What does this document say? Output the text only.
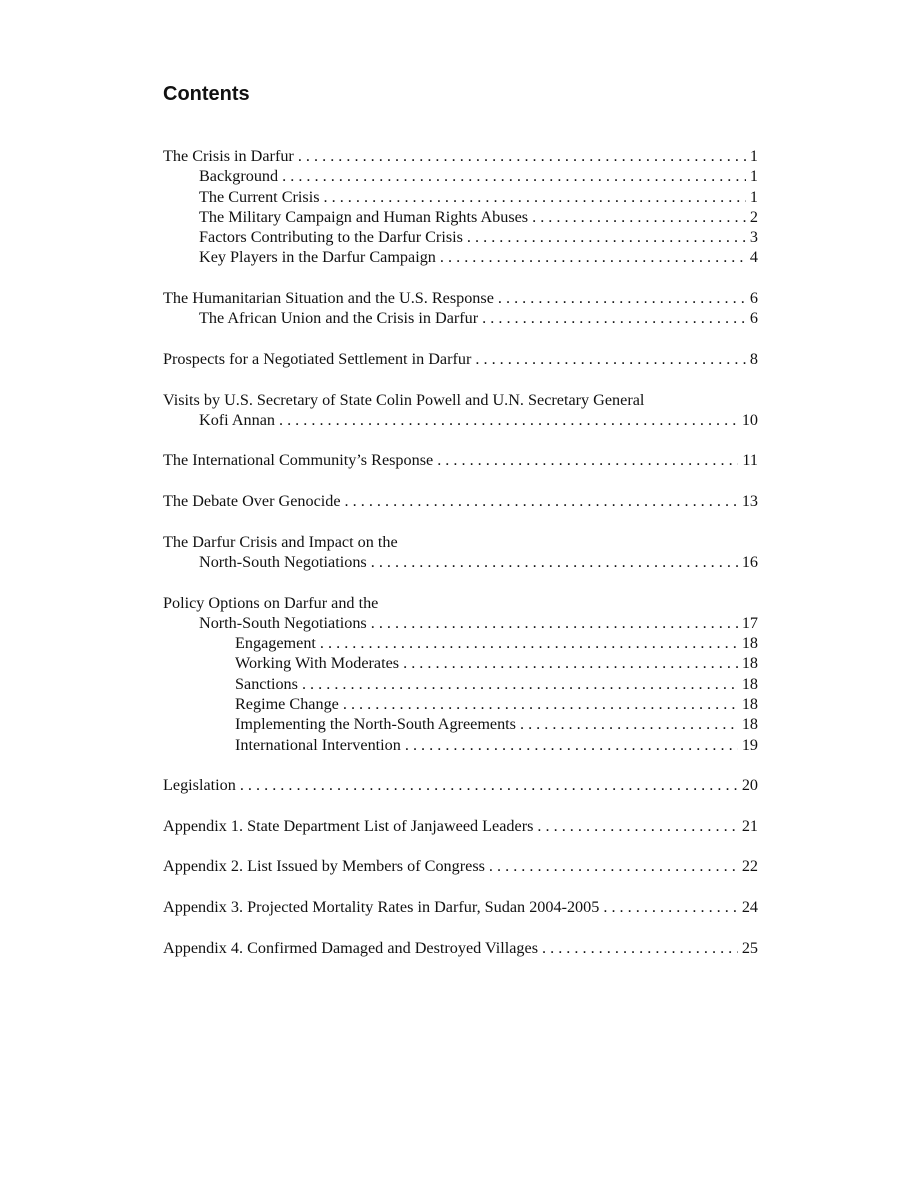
Contents
The Crisis in Darfur . . .	1
Background . . .	1
The Current Crisis . . .	1
The Military Campaign and Human Rights Abuses . . .	2
Factors Contributing to the Darfur Crisis . . .	3
Key Players in the Darfur Campaign . . .	4
The Humanitarian Situation and the U.S. Response . . .	6
The African Union and the Crisis in Darfur . . .	6
Prospects for a Negotiated Settlement in Darfur . . .	8
Visits by U.S. Secretary of State Colin Powell and U.N. Secretary General
Kofi Annan . . .	10
The International Community’s Response . . .	11
The Debate Over Genocide . . .	13
The Darfur Crisis and Impact on the
North-South Negotiations . . .	16
Policy Options on Darfur and the
North-South Negotiations . . .	17
Engagement . . .	18
Working With Moderates . . .	18
Sanctions . . .	18
Regime Change . . .	18
Implementing the North-South Agreements . . .	18
International Intervention . . .	19
Legislation . . .	20
Appendix 1. State Department List of Janjaweed Leaders . . .	21
Appendix 2. List Issued by Members of Congress . . .	22
Appendix 3. Projected Mortality Rates in Darfur, Sudan 2004-2005 . . .	24
Appendix 4. Confirmed Damaged and Destroyed Villages . . .	25
